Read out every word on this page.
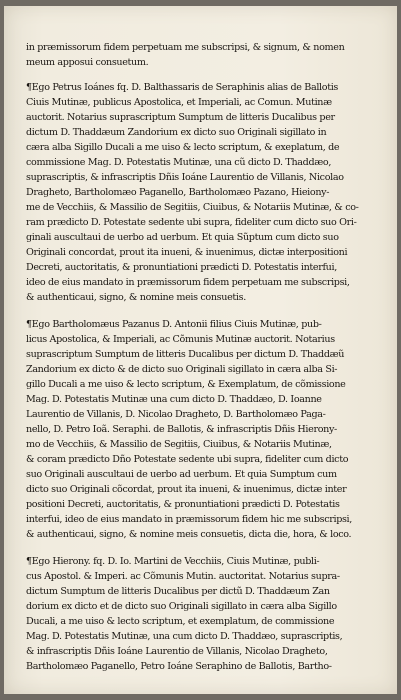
in præmissorum fidem perpetuam me subscripsi, & signum, & nomen
meum apposui consuetum.
¶Ego Petrus Ioánes fq. D. Balthassaris de Seraphinis alias de Ballotis
Ciuis Mutinæ, publicus Apostolica, et Imperiali, ac Comun. Mutinæ
auctorit. Notarius suprascriptum Sumptum de litteris Ducalibus per
dictum D. Thaddæum Zandorium ex dicto suo Originali sigillato in
cæra alba Sigillo Ducali a me uiso & lecto scriptum, & exeplatum, de
commissione Mag. D. Potestatis Mutinæ, una cũ dicto D. Thaddæo,
suprascriptis, & infrascriptis Dñis Ioáne Laurentio de Villanis, Nicolao
Dragheto, Bartholomæo Paganello, Bartholomæo Pazano, Hieiony-
me de Vecchiis, & Massilio de Segitiis, Ciuibus, & Notariis Mutinæ, & co-
ram prædicto D. Potestate sedente ubi supra, fideliter cum dicto suo Ori-
ginali auscultaui de uerbo ad uerbum. Et quia Sũptum cum dicto suo
Originali concordat, prout ita inueni, & inuenimus, dictæ interpositioni
Decreti, auctoritatis, & pronuntiationi prædicti D. Potestatis interfui,
ideo de eius mandato in præmissorum fidem perpetuam me subscripsi,
& authenticaui, signo, & nomine meis consuetis.
¶Ego Bartholomæus Pazanus D. Antonii filius Ciuis Mutinæ, pub-
licus Apostolica, & Imperiali, ac Cõmunis Mutinæ auctorit. Notarius
suprascriptum Sumptum de litteris Ducalibus per dictum D. Thaddæũ
Zandorium ex dicto & de dicto suo Originali sigillato in cæra alba Si-
gillo Ducali a me uiso & lecto scriptum, & Exemplatum, de cõmissione
Mag. D. Potestatis Mutinæ una cum dicto D. Thaddæo, D. Ioanne
Laurentio de Villanis, D. Nicolao Dragheto, D. Bartholomæo Paga-
nello, D. Petro Ioã. Seraphi. de Ballotis, & infrascriptis Dñis Hierony-
mo de Vecchiis, & Massilio de Segitiis, Ciuibus, & Notariis Mutinæ,
& coram prædicto Dño Potestate sedente ubi supra, fideliter cum dicto
suo Originali auscultaui de uerbo ad uerbum. Et quia Sumptum cum
dicto suo Originali cõcordat, prout ita inueni, & inuenimus, dictæ inter
positioni Decreti, auctoritatis, & pronuntiationi prædicti D. Potestatis
interfui, ideo de eius mandato in præmissorum fidem hic me subscripsi,
& authenticaui, signo, & nomine meis consuetis, dicta die, hora, & loco.
¶Ego Hierony. fq. D. Io. Martini de Vecchiis, Ciuis Mutinæ, publi-
cus Apostol. & Imperi. ac Cõmunis Mutin. auctoritat. Notarius supra-
dictum Sumptum de litteris Ducalibus per dictũ D. Thaddæum Zan
dorium ex dicto et de dicto suo Originali sigillato in cæra alba Sigillo
Ducali, a me uiso & lecto scriptum, et exemplatum, de commissione
Mag. D. Potestatis Mutinæ, una cum dicto D. Thaddæo, suprascriptis,
& infrascriptis Dñis Ioáne Laurentio de Villanis, Nicolao Dragheto,
Bartholomæo Paganello, Petro Ioáne Seraphino de Ballotis, Bartho-
